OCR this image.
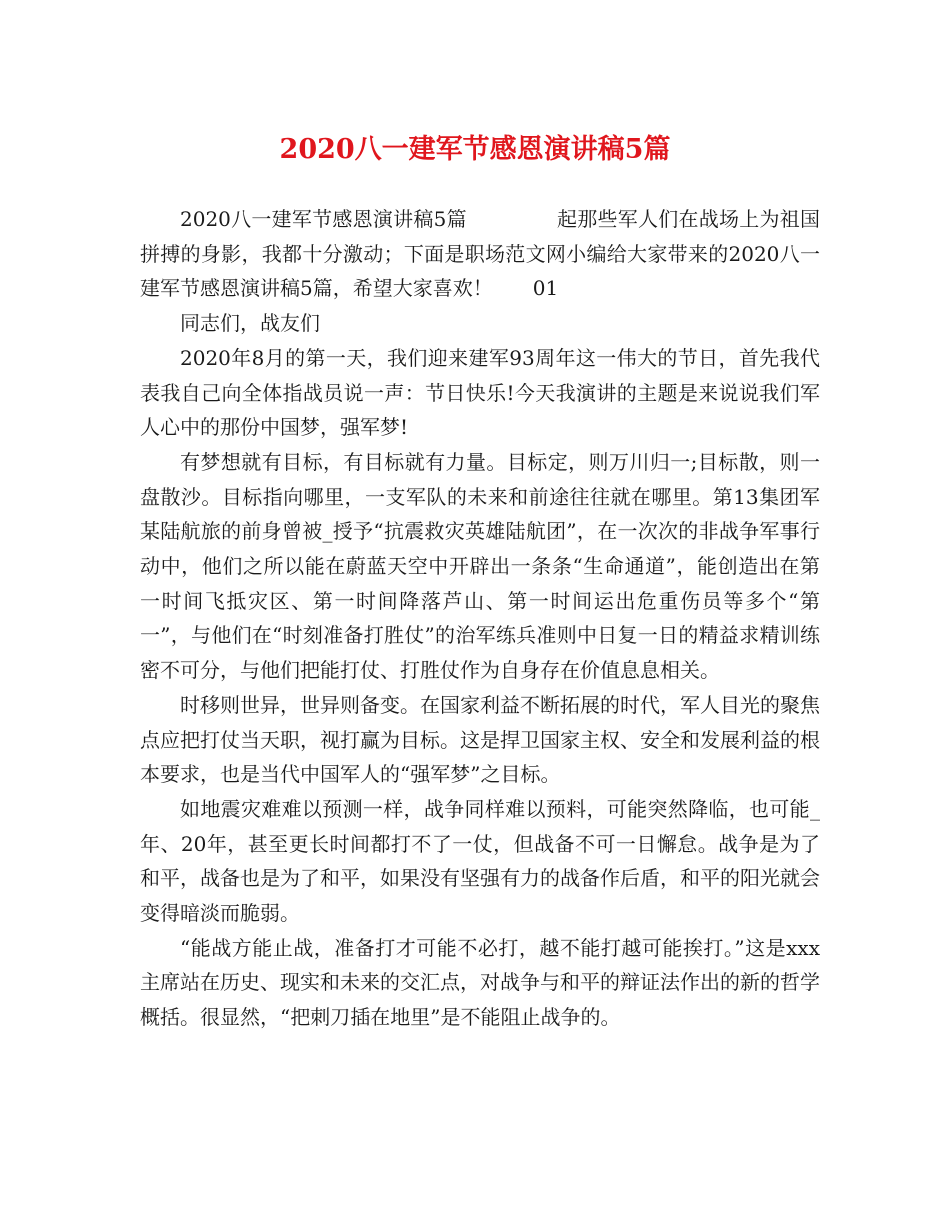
2020八一建军节感恩演讲稿5篇

2020八一建军节感恩演讲稿5篇	起那些军人们在战场上为祖国拼搏的身影，我都十分激动；下面是职场范文网小编给大家带来的2020八一建军节感恩演讲稿5篇，希望大家喜欢！ 01

同志们，战友们

2020年8月的第一天，我们迎来建军93周年这一伟大的节日，首先我代表我自己向全体指战员说一声：节日快乐!今天我演讲的主题是来说说我们军人心中的那份中国梦，强军梦!

有梦想就有目标，有目标就有力量。目标定，则万川归一;目标散，则一盘散沙。目标指向哪里，一支军队的未来和前途往往就在哪里。第13集团军某陆航旅的前身曾被_授予“抗震救灾英雄陆航团”，在一次次的非战争军事行动中，他们之所以能在蔚蓝天空中开辟出一条条“生命通道”，能创造出在第一时间飞抵灾区、第一时间降落芦山、第一时间运出危重伤员等多个“第一”，与他们在“时刻准备打胜仗”的治军练兵准则中日复一日的精益求精训练密不可分，与他们把能打仗、打胜仗作为自身存在价值息息相关。

时移则世异，世异则备变。在国家利益不断拓展的时代，军人目光的聚焦点应把打仗当天职，视打赢为目标。这是捍卫国家主权、安全和发展利益的根本要求，也是当代中国军人的“强军梦”之目标。

如地震灾难难以预测一样，战争同样难以预料，可能突然降临，也可能_年、20年，甚至更长时间都打不了一仗，但战备不可一日懈怠。战争是为了和平，战备也是为了和平，如果没有坚强有力的战备作后盾，和平的阳光就会变得暗淡而脆弱。

“能战方能止战，准备打才可能不必打，越不能打越可能挨打。”这是xxx主席站在历史、现实和未来的交汇点，对战争与和平的辩证法作出的新的哲学概括。很显然，“把刺刀插在地里”是不能阻止战争的。
